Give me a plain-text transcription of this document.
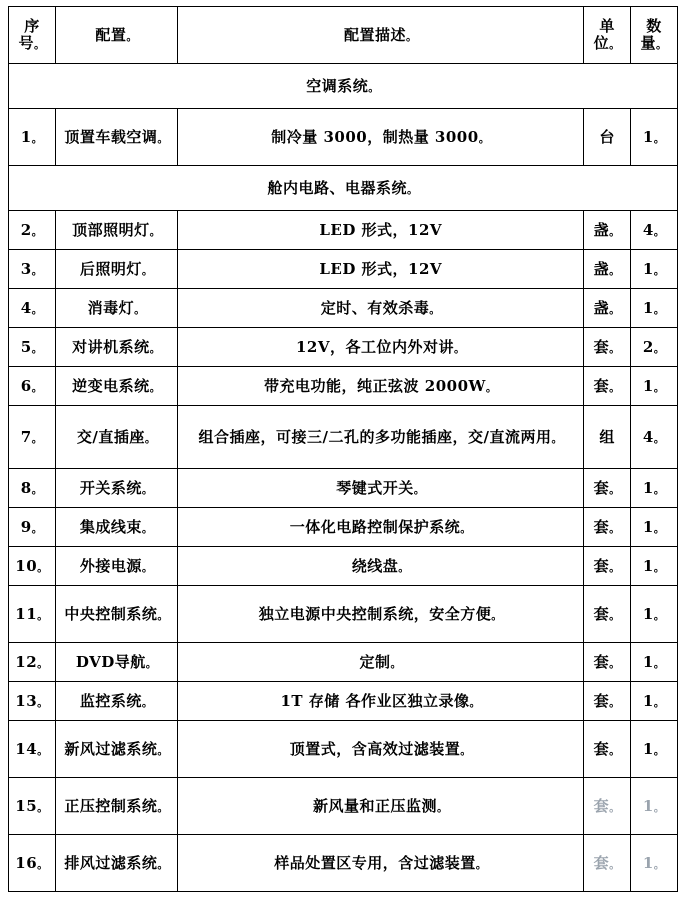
序号。	配置。	配置描述。	单位。	数量。

空调系统。				
1。	顶置车载空调。	制冷量 3000，制热量 3000。	台	1。
舱内电路、电器系统。				
2。	顶部照明灯。	LED 形式，12V	盏。	4。
3。	后照明灯。	LED 形式，12V	盏。	1。
4。	消毒灯。	定时、有效杀毒。	盏。	1。
5。	对讲机系统。	12V，各工位内外对讲。	套。	2。
6。	逆变电系统。	带充电功能，纯正弦波 2000W。	套。	1。
7。	交/直插座。	组合插座，可接三/二孔的多功能插座，交/直流两用。	组	4。
8。	开关系统。	琴键式开关。	套。	1。
9。	集成线束。	一体化电路控制保护系统。	套。	1。
10。	外接电源。	绕线盘。	套。	1。
11。	中央控制系统。	独立电源中央控制系统，安全方便。	套。	1。
12。	DVD导航。	定制。	套。	1。
13。	监控系统。	1T 存储 各作业区独立录像。	套。	1。
14。	新风过滤系统。	顶置式，含高效过滤装置。	套。	1。
15。	正压控制系统。	新风量和正压监测。	套。	1。
16。	排风过滤系统。	样品处置区专用，含过滤装置。	套。	1。
